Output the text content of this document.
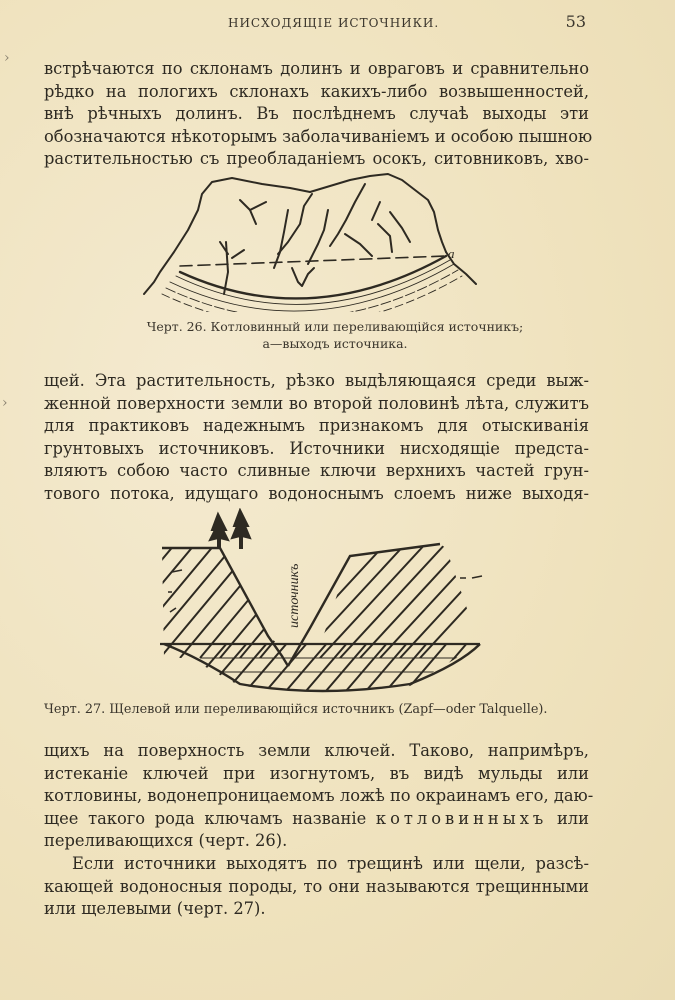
›
›
НИСХОДЯЩІЕ ИСТОЧНИКИ.	53
встрѣчаются по склонамъ долинъ и овраговъ и сравнительно
рѣдко на пологихъ склонахъ какихъ-либо возвышенностей,
внѣ рѣчныхъ долинъ. Въ послѣднемъ случаѣ выходы эти
обозначаются нѣкоторымъ заболачиваніемъ и особою пышною
растительностью съ преобладаніемъ осокъ, ситовниковъ, хво-
a
Черт. 26. Котловинный или переливающійся источникъ;
a—выходъ источника.
щей. Эта растительность, рѣзко выдѣляющаяся среди выж-
женной поверхности земли во второй половинѣ лѣта, служитъ
для практиковъ надежнымъ признакомъ для отыскиванія
грунтовыхъ источниковъ. Источники нисходящіе предста-
вляютъ собою часто сливные ключи верхнихъ частей грун-
тового потока, идущаго водоноснымъ слоемъ ниже выходя-
источникъ
Черт. 27. Щелевой или переливающійся источникъ (Zapf—oder Talquelle).
щихъ на поверхность земли ключей. Таково, напримѣръ,
истеканіе ключей при изогнутомъ, въ видѣ мульды или
котловины, водонепроницаемомъ ложѣ по окраинамъ его, даю-
щее такого рода ключамъ названіе котловинныхъ или
переливающихся (черт. 26).
Если источники выходятъ по трещинѣ или щели, разсѣ-
кающей водоносныя породы, то они называются трещинными
или щелевыми (черт. 27).
